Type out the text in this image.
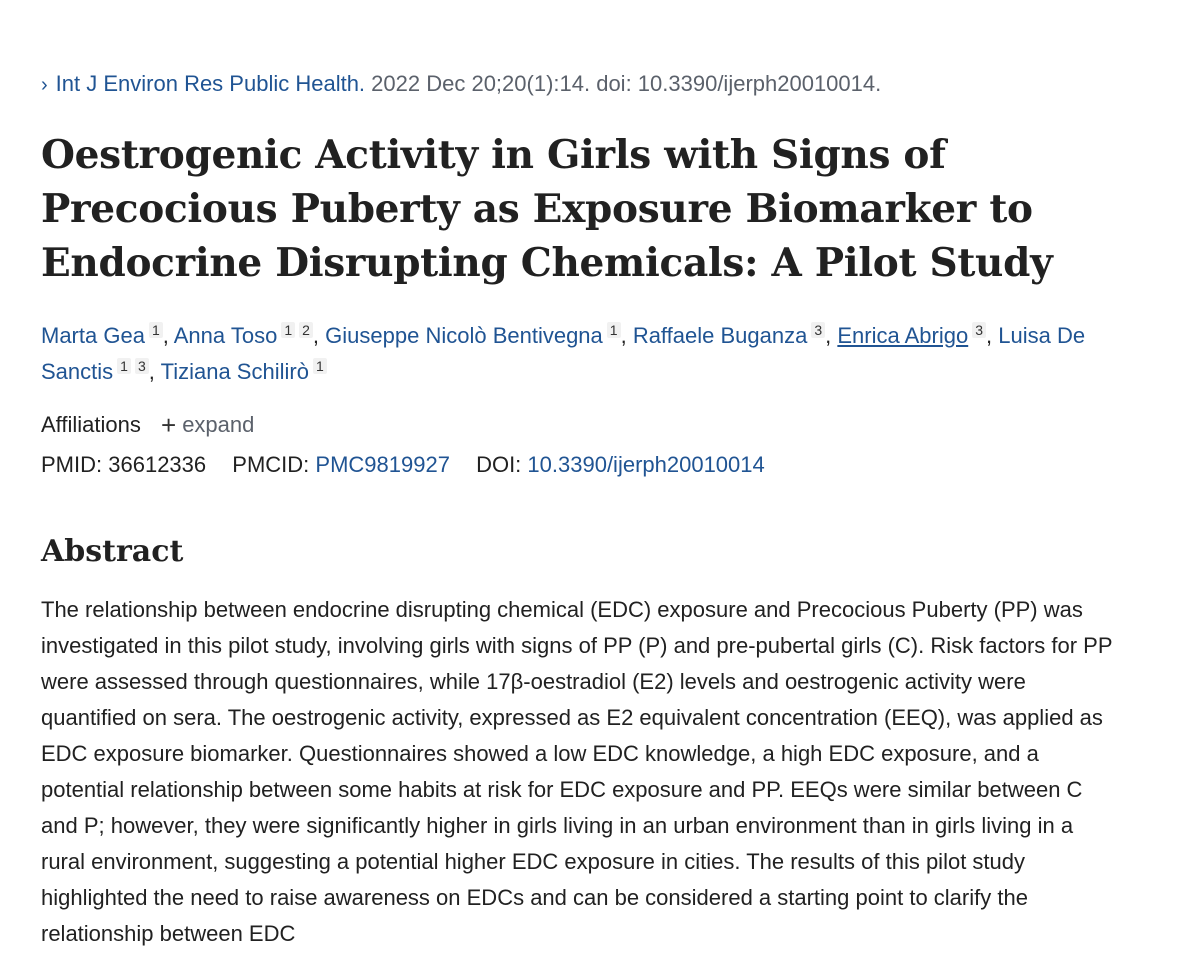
› Int J Environ Res Public Health. 2022 Dec 20;20(1):14. doi: 10.3390/ijerph20010014.
Oestrogenic Activity in Girls with Signs of Precocious Puberty as Exposure Biomarker to Endocrine Disrupting Chemicals: A Pilot Study
Marta Gea 1 , Anna Toso 1 2 , Giuseppe Nicolò Bentivegna 1 , Raffaele Buganza 3 , Enrica Abrigo 3 , Luisa De Sanctis 1 3 , Tiziana Schilirò 1
Affiliations + expand
PMID: 36612336 PMCID: PMC9819927 DOI: 10.3390/ijerph20010014
Abstract

The relationship between endocrine disrupting chemical (EDC) exposure and Precocious Puberty (PP) was investigated in this pilot study, involving girls with signs of PP (P) and pre-pubertal girls (C). Risk factors for PP were assessed through questionnaires, while 17β-oestradiol (E2) levels and oestrogenic activity were quantified on sera. The oestrogenic activity, expressed as E2 equivalent concentration (EEQ), was applied as EDC exposure biomarker. Questionnaires showed a low EDC knowledge, a high EDC exposure, and a potential relationship between some habits at risk for EDC exposure and PP. EEQs were similar between C and P; however, they were significantly higher in girls living in an urban environment than in girls living in a rural environment, suggesting a potential higher EDC exposure in cities. The results of this pilot study highlighted the need to raise awareness on EDCs and can be considered a starting point to clarify the relationship between EDC
